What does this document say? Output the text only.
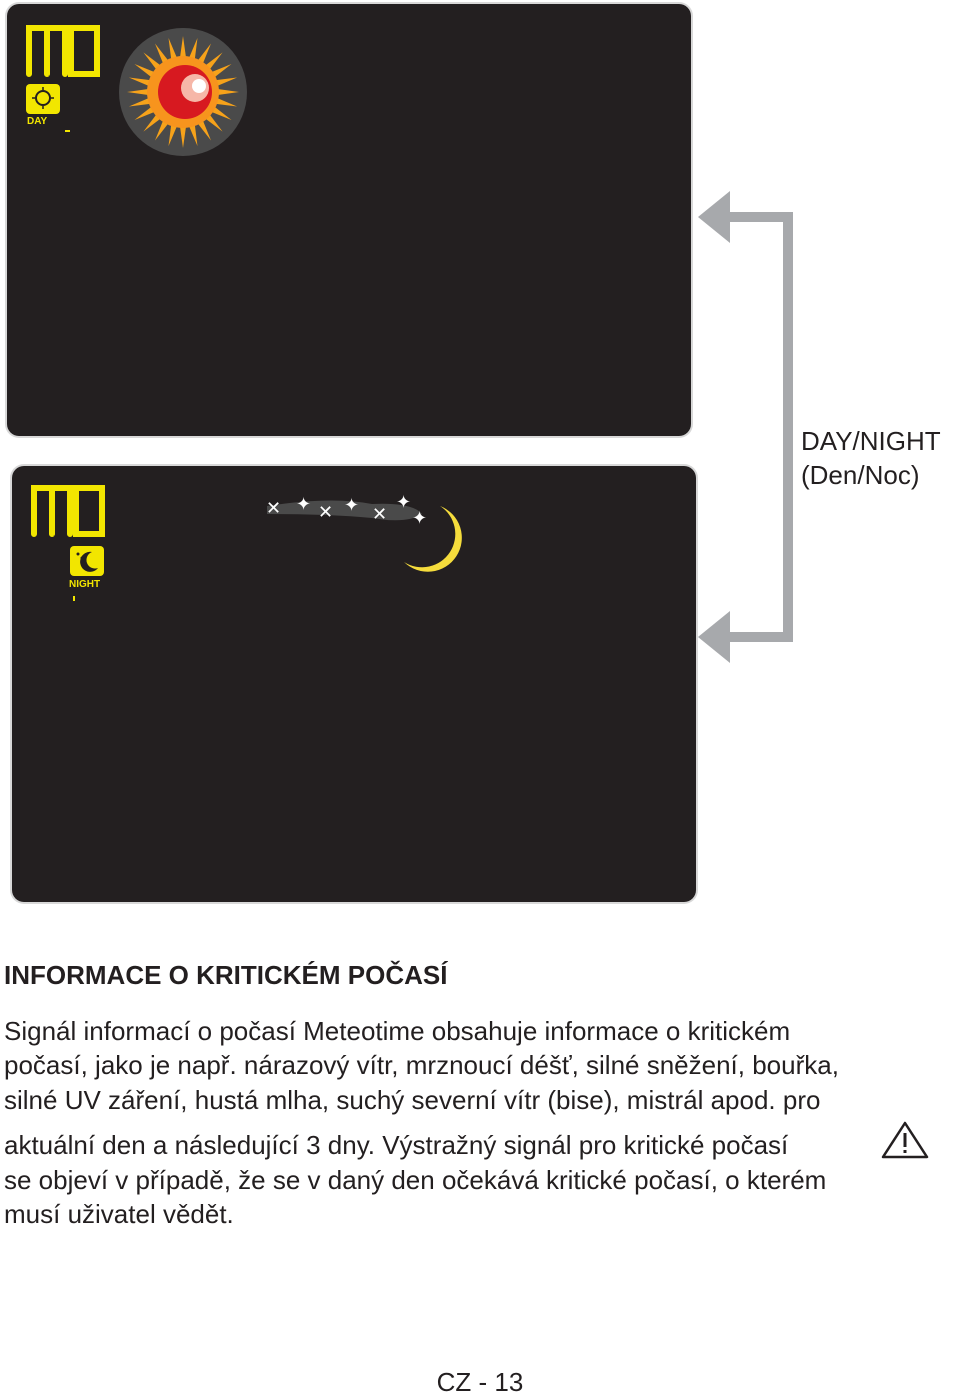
MO
DAY
MO
NIGHT
✕ ✦ ✕ ✦ ✕
✦
✦
DAY/NIGHT
(Den/Noc)
INFORMACE O KRITICKÉM POČASÍ
Signál informací o počasí Meteotime obsahuje informace o kritickém
počasí, jako je např. nárazový vítr, mrznoucí déšť, silné sněžení, bouřka,
silné UV záření, hustá mlha, suchý severní vítr (bise), mistrál apod. pro
aktuální den a následující 3 dny. Výstražný signál pro kritické počasí
se objeví v případě, že se v daný den očekává kritické počasí, o kterém
musí uživatel vědět.
CZ - 13
